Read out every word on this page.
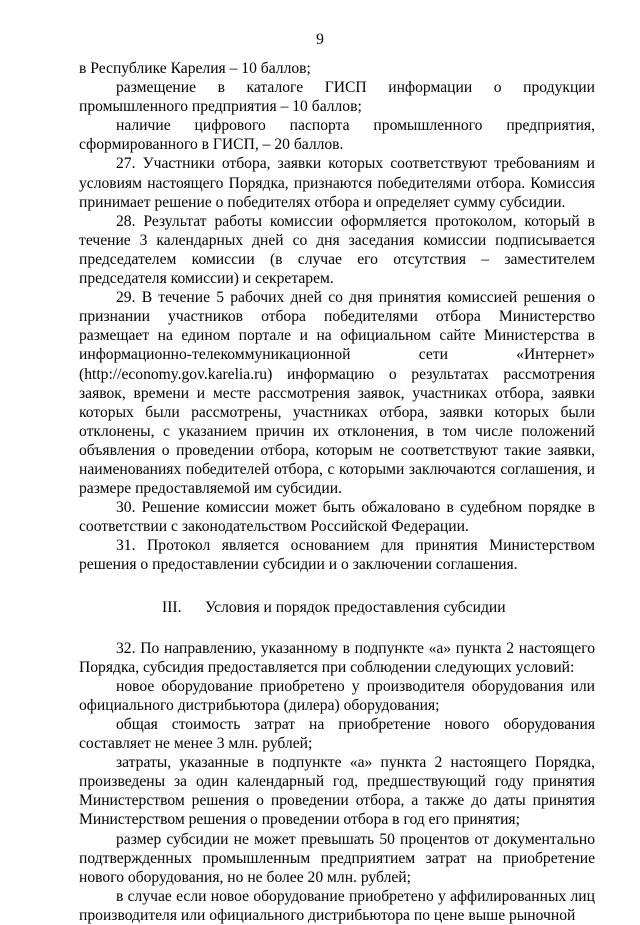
9

в Республике Карелия – 10 баллов;

размещение в каталоге ГИСП информации о продукции промышленного предприятия – 10 баллов;

наличие цифрового паспорта промышленного предприятия, сформированного в ГИСП, – 20 баллов.

27. Участники отбора, заявки которых соответствуют требованиям и условиям настоящего Порядка, признаются победителями отбора. Комиссия принимает решение о победителях отбора и определяет сумму субсидии.

28. Результат работы комиссии оформляется протоколом, который в течение 3 календарных дней со дня заседания комиссии подписывается председателем комиссии (в случае его отсутствия – заместителем председателя комиссии) и секретарем.

29. В течение 5 рабочих дней со дня принятия комиссией решения о признании участников отбора победителями отбора Министерство размещает на едином портале и на официальном сайте Министерства в информационно-телекоммуникационной сети «Интернет» (http://economy.gov.karelia.ru) информацию о результатах рассмотрения заявок, времени и месте рассмотрения заявок, участниках отбора, заявки которых были рассмотрены, участниках отбора, заявки которых были отклонены, с указанием причин их отклонения, в том числе положений объявления о проведении отбора, которым не соответствуют такие заявки, наименованиях победителей отбора, с которыми заключаются соглашения, и размере предоставляемой им субсидии.

30. Решение комиссии может быть обжаловано в судебном порядке в соответствии с законодательством Российской Федерации.

31. Протокол является основанием для принятия Министерством решения о предоставлении субсидии и о заключении соглашения.

III. Условия и порядок предоставления субсидии

32. По направлению, указанному в подпункте «а» пункта 2 настоящего Порядка, субсидия предоставляется при соблюдении следующих условий:

новое оборудование приобретено у производителя оборудования или официального дистрибьютора (дилера) оборудования;

общая стоимость затрат на приобретение нового оборудования составляет не менее 3 млн. рублей;

затраты, указанные в подпункте «а» пункта 2 настоящего Порядка, произведены за один календарный год, предшествующий году принятия Министерством решения о проведении отбора, а также до даты принятия Министерством решения о проведении отбора в год его принятия;

размер субсидии не может превышать 50 процентов от документально подтвержденных промышленным предприятием затрат на приобретение нового оборудования, но не более 20 млн. рублей;

в случае если новое оборудование приобретено у аффилированных лиц производителя или официального дистрибьютора по цене выше рыночной
